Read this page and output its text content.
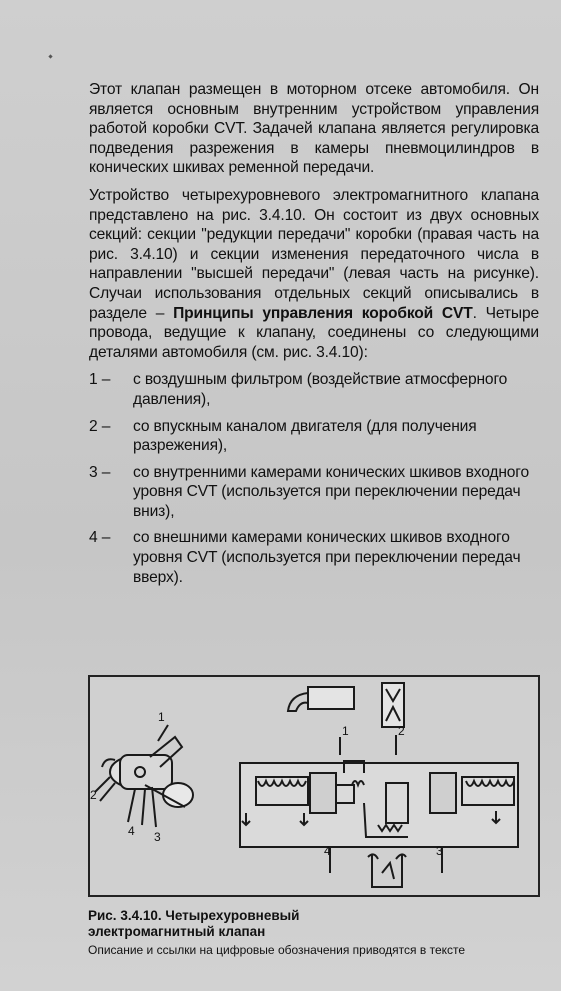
Этот клапан размещен в моторном отсеке автомобиля. Он является основным внутренним устройством управления работой коробки CVT. Задачей клапана является регулировка подведения разрежения в камеры пневмоцилиндров в конических шкивах ременной передачи.

Устройство четырехуровневого электромагнитного клапана представлено на рис. 3.4.10. Он состоит из двух основных секций: секции "редукции передачи" коробки (правая часть на рис. 3.4.10) и секции изменения передаточного числа в направлении "высшей передачи" (левая часть на рисунке). Случаи использования отдельных секций описывались в разделе – Принципы управления коробкой CVT. Четыре провода, ведущие к клапану, соединены со следующими деталями автомобиля (см. рис. 3.4.10):

1 –	с воздушным фильтром (воздействие атмосферного давления),
2 –	со впускным каналом двигателя (для получения разрежения),
3 –	со внутренними камерами конических шкивов входного уровня CVT (используется при переключении передач вниз),
4 –	со внешними камерами конических шкивов входного уровня CVT (используется при переключении передач вверх).
1
2
4 3
1	2
4	3
Рис. 3.4.10. Четырехуровневый
электромагнитный клапан
Описание и ссылки на цифровые обозначения приводятся в тексте
